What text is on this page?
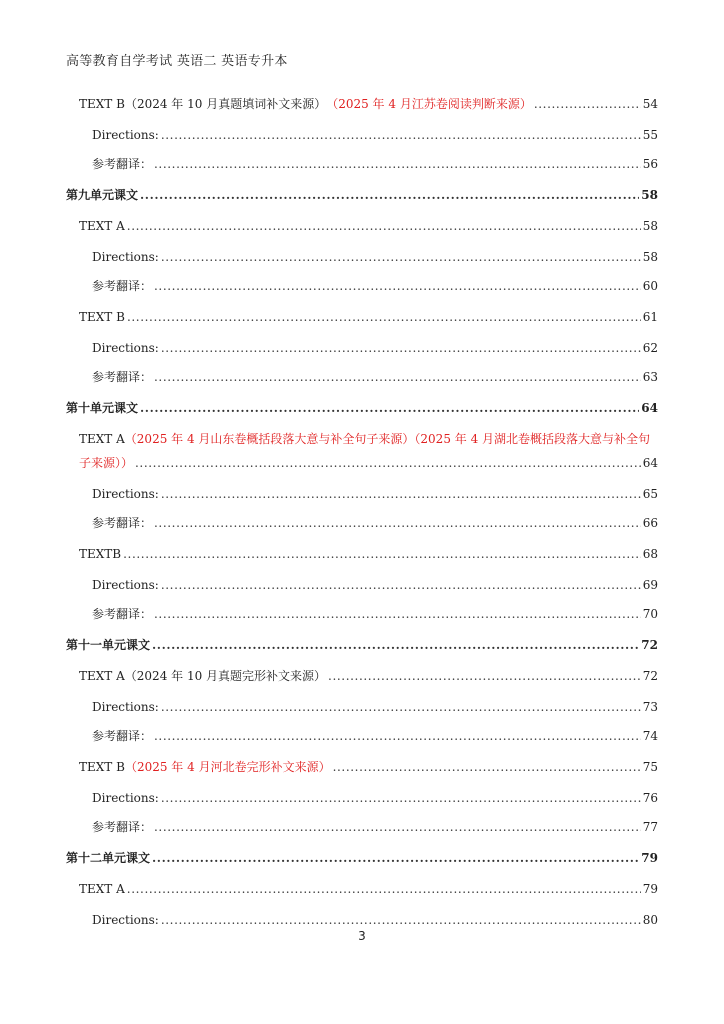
高等教育自学考试 英语二 英语专升本
TEXT B（2024 年 10 月真题填词补文来源） （2025 年 4 月江苏卷阅读判断来源） .....	54
Directions: .....	55
参考翻译： .....	56
第九单元课文 .....	58
TEXT A .....	58
Directions: .....	58
参考翻译： .....	60
TEXT B .....	61
Directions: .....	62
参考翻译： .....	63
第十单元课文 .....	64
TEXT A（2025 年 4 月山东卷概括段落大意与补全句子来源）（2025 年 4 月湖北卷概括段落大意与补全句
子来源）） .....	64
Directions: .....	65
参考翻译： .....	66
TEXTB .....	68
Directions: .....	69
参考翻译： .....	70
第十一单元课文 .....	72
TEXT A（2024 年 10 月真题完形补文来源） .....	72
Directions: .....	73
参考翻译： .....	74
TEXT B （2025 年 4 月河北卷完形补文来源） .....	75
Directions: .....	76
参考翻译： .....	77
第十二单元课文 .....	79
TEXT A .....	79
Directions: .....	80
3
